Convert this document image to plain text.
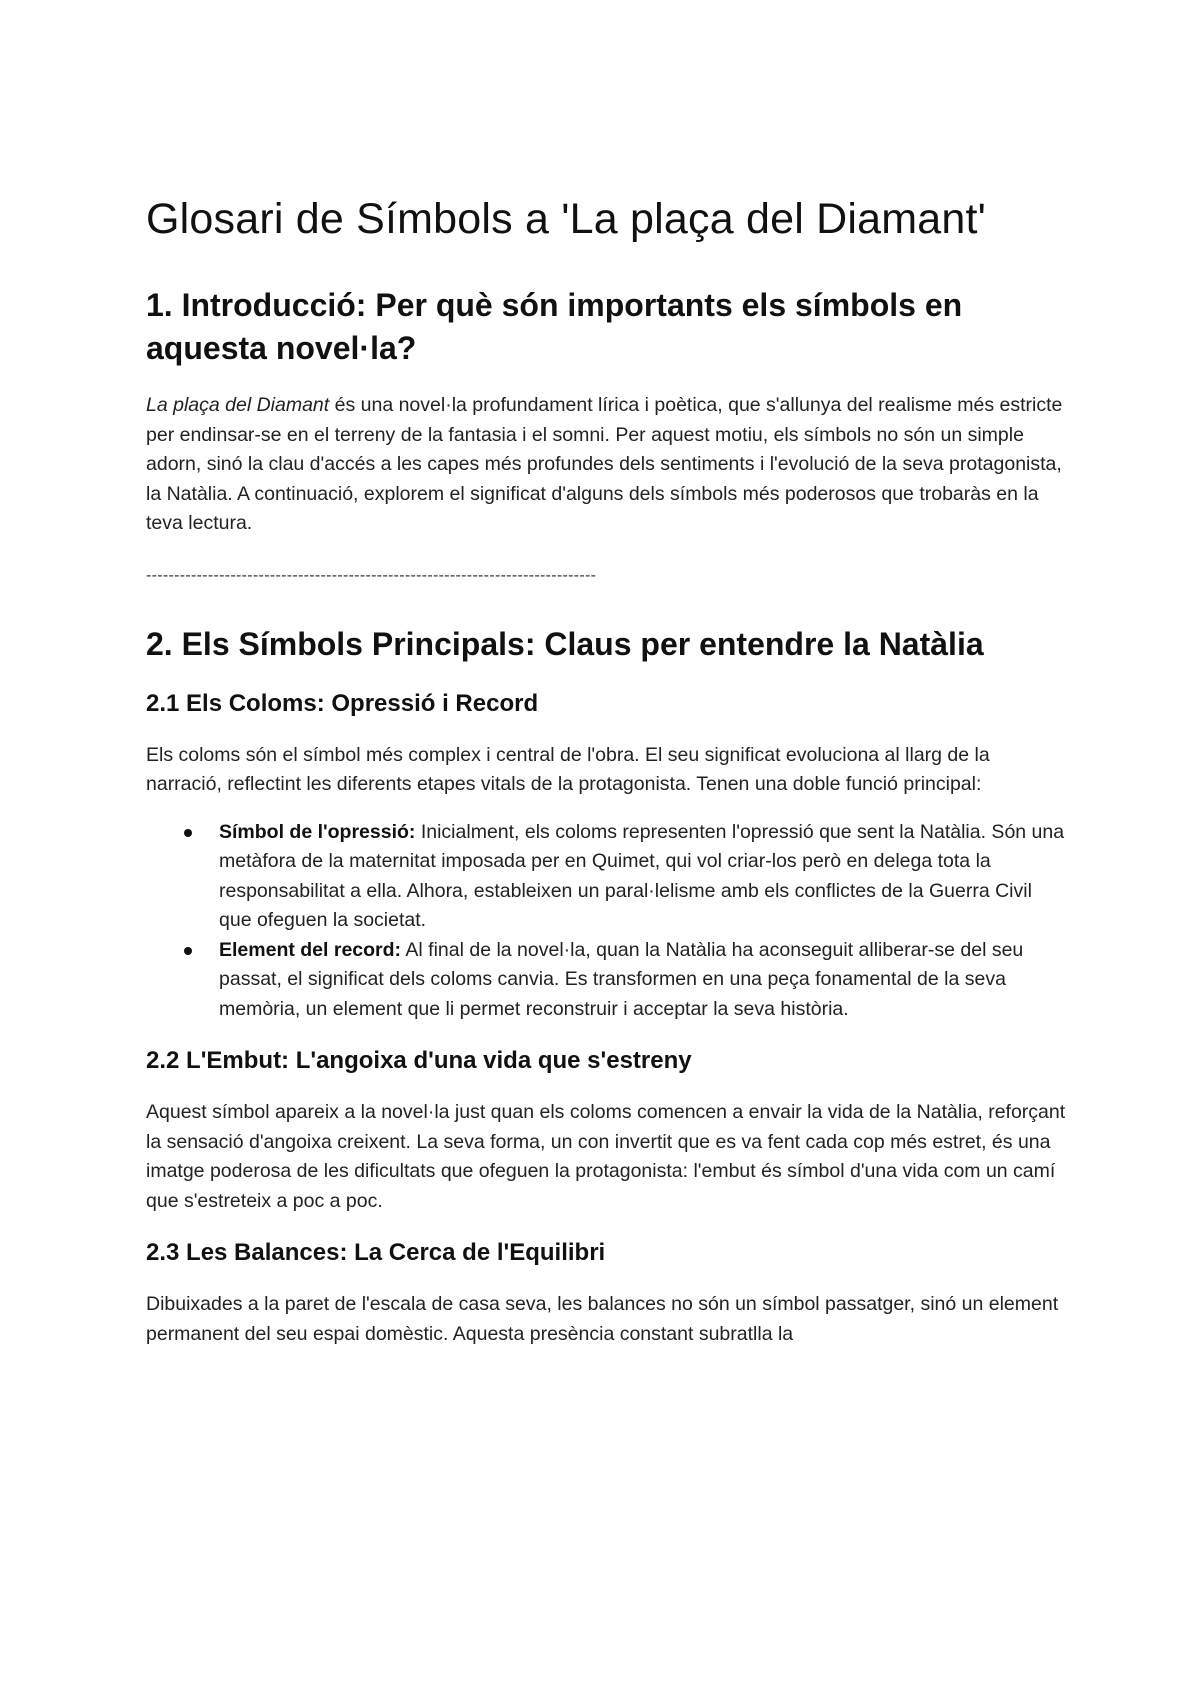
Glosari de Símbols a 'La plaça del Diamant'
1. Introducció: Per què són importants els símbols en aquesta novel·la?

La plaça del Diamant és una novel·la profundament lírica i poètica, que s'allunya del realisme més estricte per endinsar-se en el terreny de la fantasia i el somni. Per aquest motiu, els símbols no són un simple adorn, sinó la clau d'accés a les capes més profundes dels sentiments i l'evolució de la seva protagonista, la Natàlia. A continuació, explorem el significat d'alguns dels símbols més poderosos que trobaràs en la teva lectura.

--------------------------------------------------------------------------------
2. Els Símbols Principals: Claus per entendre la Natàlia
2.1 Els Coloms: Opressió i Record

Els coloms són el símbol més complex i central de l'obra. El seu significat evoluciona al llarg de la narració, reflectint les diferents etapes vitals de la protagonista. Tenen una doble funció principal:

Símbol de l'opressió: Inicialment, els coloms representen l'opressió que sent la Natàlia. Són una metàfora de la maternitat imposada per en Quimet, qui vol criar-los però en delega tota la responsabilitat a ella. Alhora, estableixen un paral·lelisme amb els conflictes de la Guerra Civil que ofeguen la societat.
Element del record: Al final de la novel·la, quan la Natàlia ha aconseguit alliberar-se del seu passat, el significat dels coloms canvia. Es transformen en una peça fonamental de la seva memòria, un element que li permet reconstruir i acceptar la seva història.
2.2 L'Embut: L'angoixa d'una vida que s'estreny

Aquest símbol apareix a la novel·la just quan els coloms comencen a envair la vida de la Natàlia, reforçant la sensació d'angoixa creixent. La seva forma, un con invertit que es va fent cada cop més estret, és una imatge poderosa de les dificultats que ofeguen la protagonista: l'embut és símbol d'una vida com un camí que s'estreteix a poc a poc.

2.3 Les Balances: La Cerca de l'Equilibri

Dibuixades a la paret de l'escala de casa seva, les balances no són un símbol passatger, sinó un element permanent del seu espai domèstic. Aquesta presència constant subratlla la
